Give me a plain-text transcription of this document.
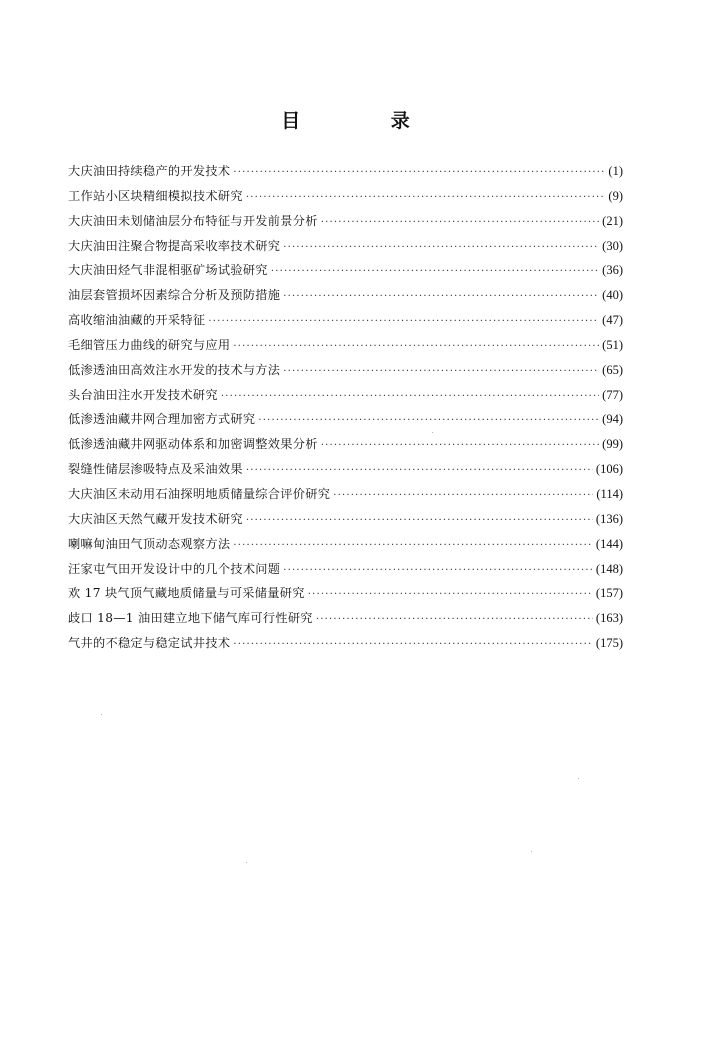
目 录
大庆油田持续稳产的开发技术 ·····	(1)
工作站小区块精细模拟技术研究 ·····	(9)
大庆油田未划储油层分布特征与开发前景分析 ·····	(21)
大庆油田注聚合物提高采收率技术研究 ·····	(30)
大庆油田烃气非混相驱矿场试验研究 ·····	(36)
油层套管损坏因素综合分析及预防措施 ·····	(40)
高收缩油油藏的开采特征 ·····	(47)
毛细管压力曲线的研究与应用 ·····	(51)
低渗透油田高效注水开发的技术与方法 ·····	(65)
头台油田注水开发技术研究 ·····	(77)
低渗透油藏井网合理加密方式研究 ·····	(94)
低渗透油藏井网驱动体系和加密调整效果分析 ·····	(99)
裂缝性储层渗吸特点及采油效果 ·····	(106)
大庆油区未动用石油探明地质储量综合评价研究 ·····	(114)
大庆油区天然气藏开发技术研究 ·····	(136)
喇嘛甸油田气顶动态观察方法 ·····	(144)
汪家屯气田开发设计中的几个技术问题 ·····	(148)
欢 17 块气顶气藏地质储量与可采储量研究 ·····	(157)
歧口 18—1 油田建立地下储气库可行性研究 ·····	(163)
气井的不稳定与稳定试井技术 ·····	(175)
